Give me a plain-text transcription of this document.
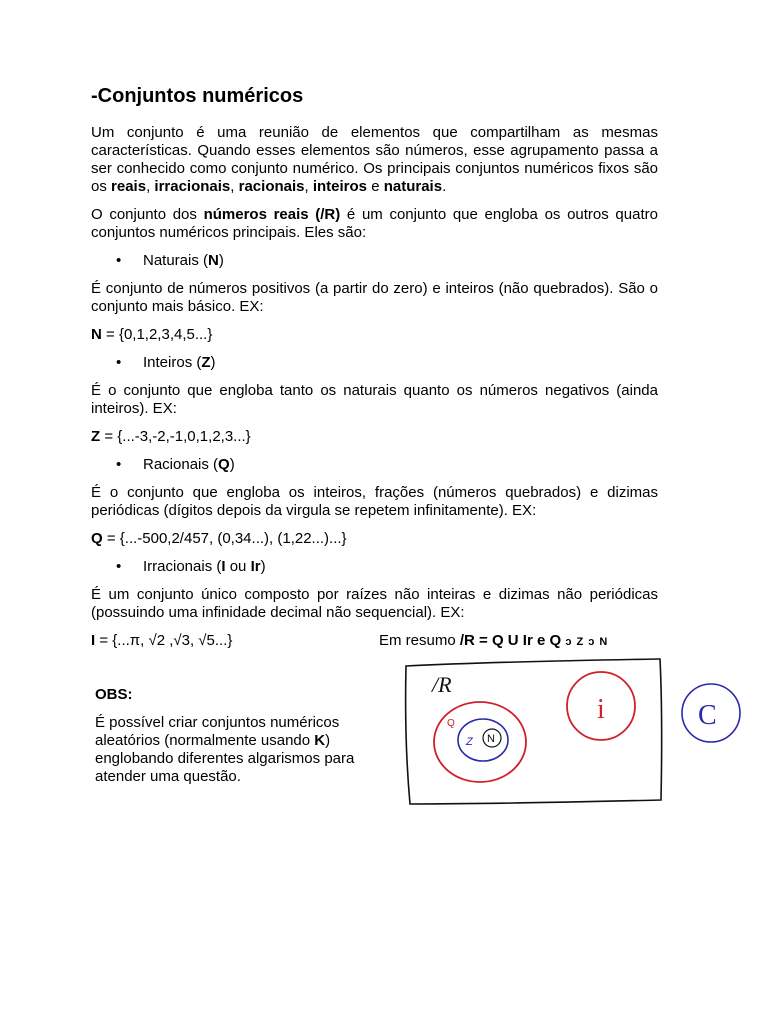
-Conjuntos numéricos

Um conjunto é uma reunião de elementos que compartilham as mesmas características. Quando esses elementos são números, esse agrupamento passa a ser conhecido como conjunto numérico. Os principais conjuntos numéricos fixos são os reais, irracionais, racionais, inteiros e naturais.

O conjunto dos números reais (/R) é um conjunto que engloba os outros quatro conjuntos numéricos principais. Eles são:

• Naturais (N)

É conjunto de números positivos (a partir do zero) e inteiros (não quebrados). São o conjunto mais básico. EX:

N = {0,1,2,3,4,5...}

• Inteiros (Z)

É o conjunto que engloba tanto os naturais quanto os números negativos (ainda inteiros). EX:

Z = {...-3,-2,-1,0,1,2,3...}

• Racionais (Q)

É o conjunto que engloba os inteiros, frações (números quebrados) e dizimas periódicas (dígitos depois da virgula se repetem infinitamente). EX:

Q = {...-500,2/457, (0,34...), (1,22...)...}

• Irracionais (I ou Ir)

É um conjunto único composto por raízes não inteiras e dizimas não periódicas (possuindo uma infinidade decimal não sequencial). EX:

I = {...π, √2 ,√3, √5...}	Em resumo /R = Q U Ir e Q ͻ Z ͻ N

OBS:

É possível criar conjuntos numéricos aleatórios (normalmente usando K) englobando diferentes algarismos para atender uma questão.

/R
Q
Z N
i	C
